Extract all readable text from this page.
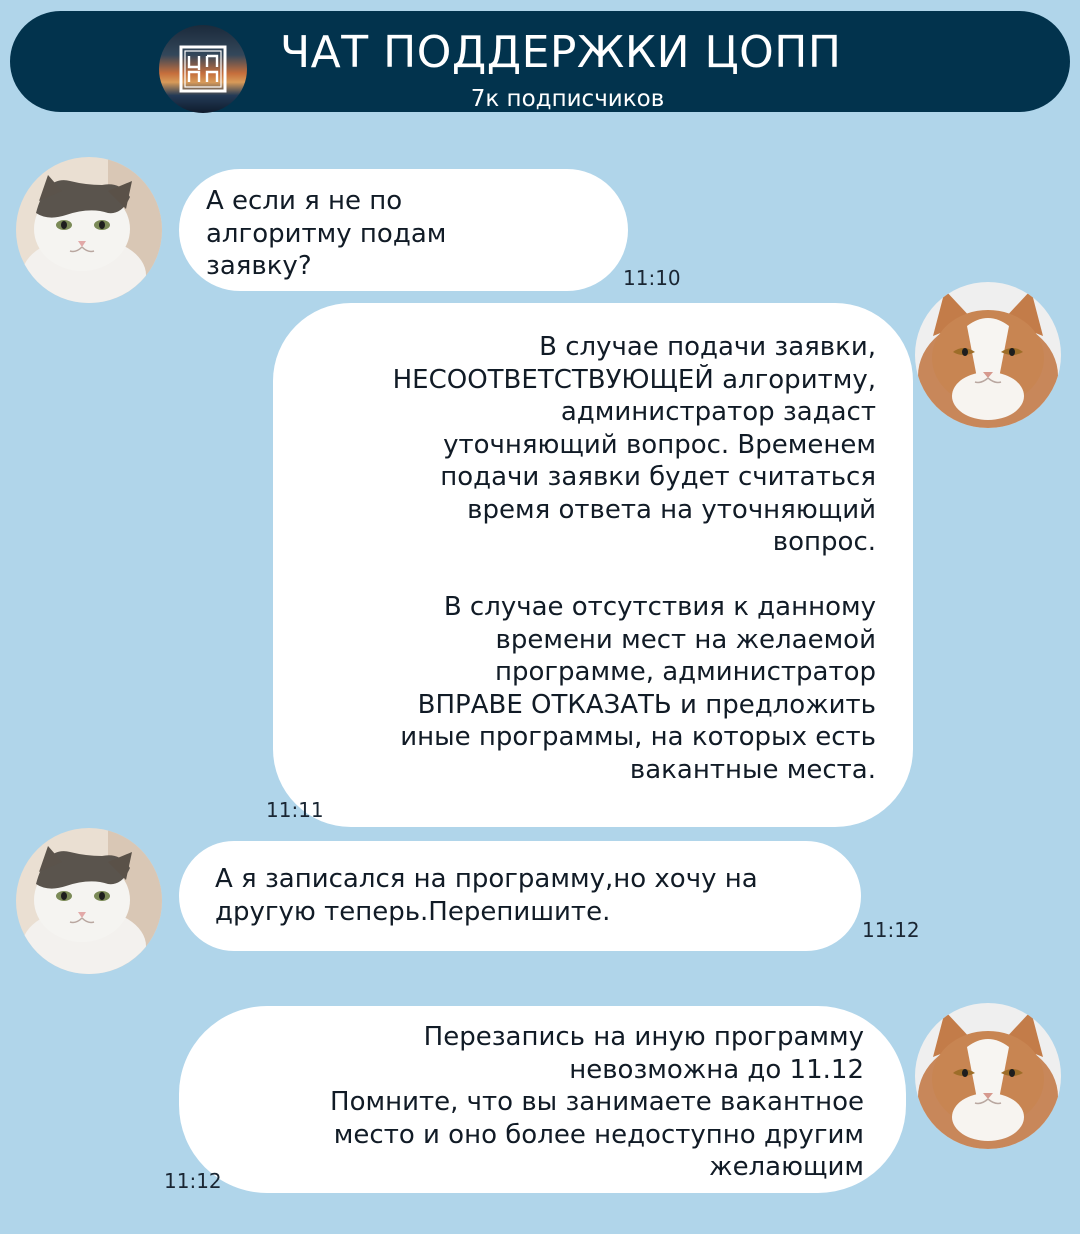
ЧАТ ПОДДЕРЖКИ ЦОПП
7к подписчиков

А если я не по
алгоритму подам
заявку?	11:10

В случае подачи заявки,
НЕСООТВЕТСТВУЮЩЕЙ алгоритму,
администратор задаст
уточняющий вопрос. Временем
подачи заявки будет считаться
время ответа на уточняющий
вопрос.

В случае отсутствия к данному
времени мест на желаемой
программе, администратор
ВПРАВЕ ОТКАЗАТЬ и предложить
иные программы, на которых есть
вакантные места.

11:11

А я записался на программу,но хочу на
другую теперь.Перепишите.

11:12

Перезапись на иную программу
невозможна до 11.12
Помните, что вы занимаете вакантное
место и оно более недоступно другим
желающим

11:12
